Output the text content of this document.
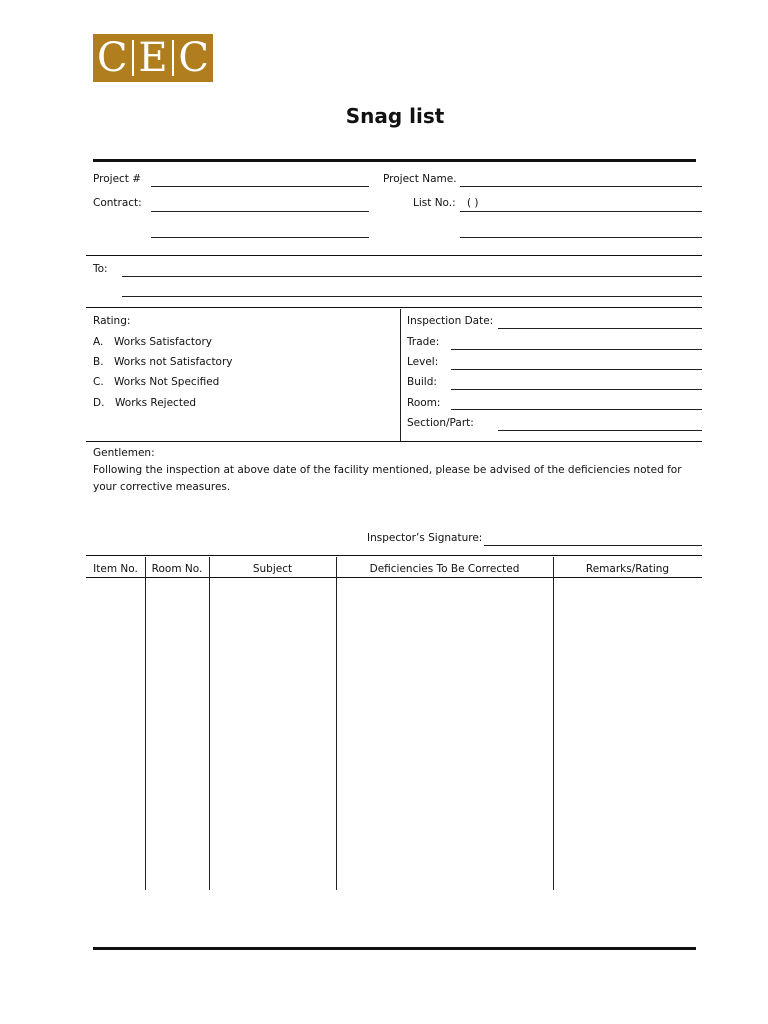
C E C
Snag list
Project #	Project Name.
Contract:	List No.: ( )
To:
Rating:
A. Works Satisfactory
B. Works not Satisfactory
C. Works Not Specified
D. Works Rejected
Inspection Date:
Trade:
Level:
Build:
Room:
Section/Part:
Gentlemen:
Following the inspection at above date of the facility mentioned, please be advised of the deficiencies noted for your corrective measures.
Inspector’s Signature:
Item No.	Room No.	Subject	Deficiencies To Be Corrected	Remarks/Rating
